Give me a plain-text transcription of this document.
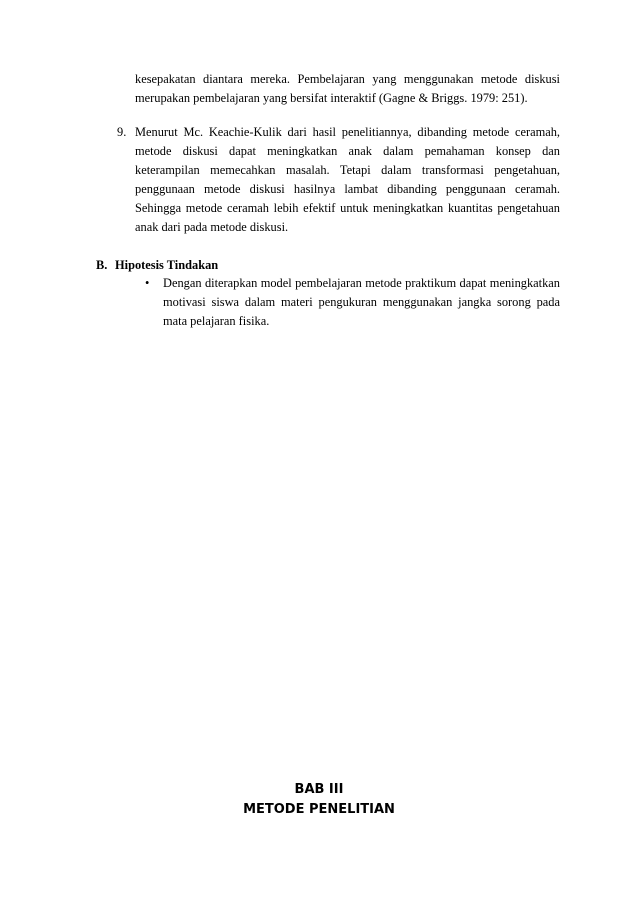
kesepakatan diantara mereka. Pembelajaran yang menggunakan metode diskusi merupakan pembelajaran yang bersifat interaktif (Gagne & Briggs. 1979: 251).

9. Menurut Mc. Keachie-Kulik dari hasil penelitiannya, dibanding metode ceramah, metode diskusi dapat meningkatkan anak dalam pemahaman konsep dan keterampilan memecahkan masalah. Tetapi dalam transformasi pengetahuan, penggunaan metode diskusi hasilnya lambat dibanding penggunaan ceramah. Sehingga metode ceramah lebih efektif untuk meningkatkan kuantitas pengetahuan anak dari pada metode diskusi.

B. Hipotesis Tindakan
• Dengan diterapkan model pembelajaran metode praktikum dapat meningkatkan motivasi siswa dalam materi pengukuran menggunakan jangka sorong pada mata pelajaran fisika.

BAB III
METODE PENELITIAN
